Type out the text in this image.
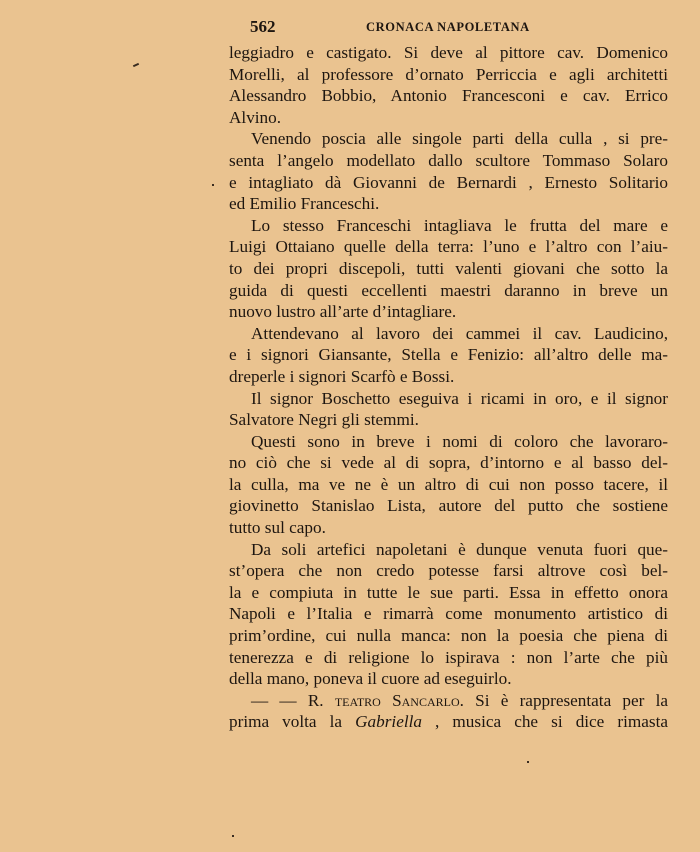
562	CRONACA NAPOLETANA
leggiadro e castigato. Si deve al pittore cav. Domenico
Morelli, al professore d’ornato Perriccia e agli architetti
Alessandro Bobbio, Antonio Francesconi e cav. Errico
Alvino.
Venendo poscia alle singole parti della culla , si pre-
senta l’angelo modellato dallo scultore Tommaso Solaro
e intagliato dà Giovanni de Bernardi , Ernesto Solitario
ed Emilio Franceschi.
Lo stesso Franceschi intagliava le frutta del mare e
Luigi Ottaiano quelle della terra: l’uno e l’altro con l’aiu-
to dei propri discepoli, tutti valenti giovani che sotto la
guida di questi eccellenti maestri daranno in breve un
nuovo lustro all’arte d’intagliare.
Attendevano al lavoro dei cammei il cav. Laudicino,
e i signori Giansante, Stella e Fenizio: all’altro delle ma-
dreperle i signori Scarfò e Bossi.
Il signor Boschetto eseguiva i ricami in oro, e il signor
Salvatore Negri gli stemmi.
Questi sono in breve i nomi di coloro che lavoraro-
no ciò che si vede al di sopra, d’intorno e al basso del-
la culla, ma ve ne è un altro di cui non posso tacere, il
giovinetto Stanislao Lista, autore del putto che sostiene
tutto sul capo.
Da soli artefici napoletani è dunque venuta fuori que-
st’opera che non credo potesse farsi altrove così bel-
la e compiuta in tutte le sue parti. Essa in effetto onora
Napoli e l’Italia e rimarrà come monumento artistico di
prim’ordine, cui nulla manca: non la poesia che piena di
tenerezza e di religione lo ispirava : non l’arte che più
della mano, poneva il cuore ad eseguirlo.
— — R. teatro Sancarlo. Si è rappresentata per la
prima volta la Gabriella , musica che si dice rimasta
